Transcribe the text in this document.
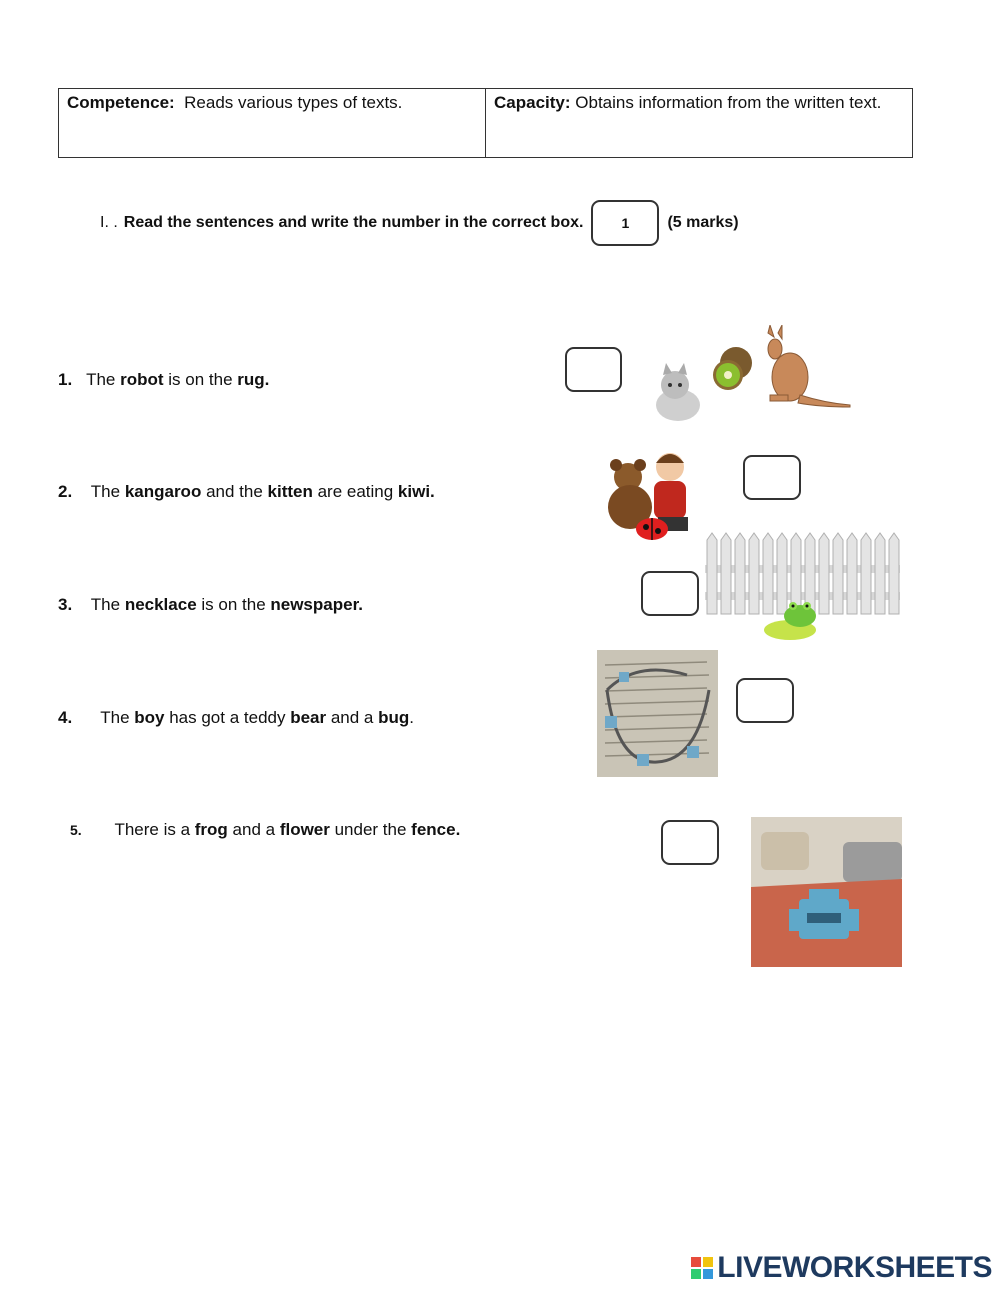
Competence: Reads various types of texts.	Capacity: Obtains information from the written text.
I. . Read the sentences and write the number in the correct box.	1	(5 marks)
1. The robot is on the rug.
2. The kangaroo and the kitten are eating kiwi.
3. The necklace is on the newspaper.
4. The boy has got a teddy bear and a bug.
5. There is a frog and a flower under the fence.
LIVEWORKSHEETS
